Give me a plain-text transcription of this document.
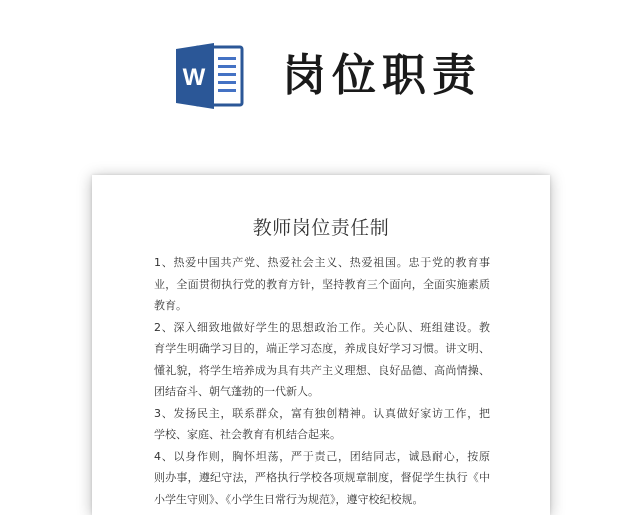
W 岗位职责
教师岗位责任制
1、热爱中国共产党、热爱社会主义、热爱祖国。忠于党的教育事
业，全面贯彻执行党的教育方针，坚持教育三个面向，全面实施素质
教育。
2、深入细致地做好学生的思想政治工作。关心队、班组建设。教
育学生明确学习目的，端正学习态度，养成良好学习习惯。讲文明、
懂礼貌，将学生培养成为具有共产主义理想、良好品德、高尚情操、
团结奋斗、朝气蓬勃的一代新人。
3、发扬民主，联系群众，富有独创精神。认真做好家访工作，把
学校、家庭、社会教育有机结合起来。
4、以身作则，胸怀坦荡，严于责己，团结同志，诚恳耐心，按原
则办事，遵纪守法，严格执行学校各项规章制度，督促学生执行《中
小学生守则》、《小学生日常行为规范》，遵守校纪校规。
